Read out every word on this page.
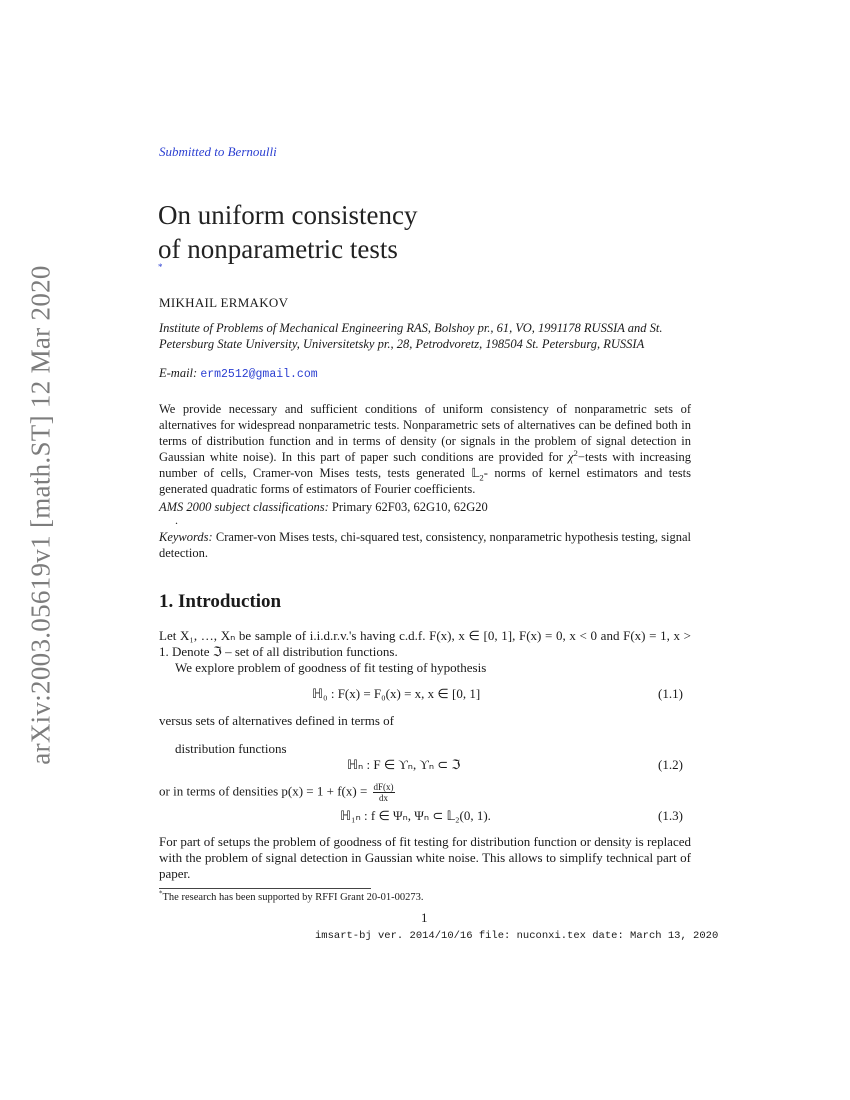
arXiv:2003.05619v1 [math.ST] 12 Mar 2020
Submitted to Bernoulli
On uniform consistency
of nonparametric tests
*
MIKHAIL ERMAKOV
Institute of Problems of Mechanical Engineering RAS, Bolshoy pr., 61, VO, 1991178 RUSSIA and St. Petersburg State University, Universitetsky pr., 28, Petrodvoretz, 198504 St. Petersburg, RUSSIA
E-mail: erm2512@gmail.com
We provide necessary and sufficient conditions of uniform consistency of nonparametric sets of alternatives for widespread nonparametric tests. Nonparametric sets of alternatives can be defined both in terms of distribution function and in terms of density (or signals in the problem of signal detection in Gaussian white noise). In this part of paper such conditions are provided for $\chi^2-tests$ with increasing number of cells, Cramer-von Mises tests, tests generated 𝕃$_2$- norms of kernel estimators and tests generated quadratic forms of estimators of Fourier coefficients.
AMS 2000 subject classifications: Primary 62F03, 62G10, 62G20
.
Keywords: Cramer-von Mises tests, chi-squared test, consistency, nonparametric hypothesis testing, signal detection.
1. Introduction
Let X₁, …, Xₙ be sample of i.i.d.r.v.'s having c.d.f. F(x), x ∈ [0, 1], F(x) = 0, x < 0 and F(x) = 1, x > 1. Denote ℑ – set of all distribution functions.
We explore problem of goodness of fit testing of hypothesis
ℍ₀ : F(x) = F₀(x) = x, x ∈ [0, 1]	(1.1)
versus sets of alternatives defined in terms of
distribution functions
ℍₙ : F ∈ ϒₙ, ϒₙ ⊂ ℑ	(1.2)
or in terms of densities $p(x) = 1 + f(x) = \frac{dF(x)}{dx}$
ℍ₁ₙ : f ∈ Ψₙ, Ψₙ ⊂ 𝕃₂(0, 1).	(1.3)
For part of setups the problem of goodness of fit testing for distribution function or density is replaced with the problem of signal detection in Gaussian white noise. This allows to simplify technical part of paper.
*The research has been supported by RFFI Grant 20-01-00273.
1
imsart-bj ver. 2014/10/16 file: nuconxi.tex date: March 13, 2020
